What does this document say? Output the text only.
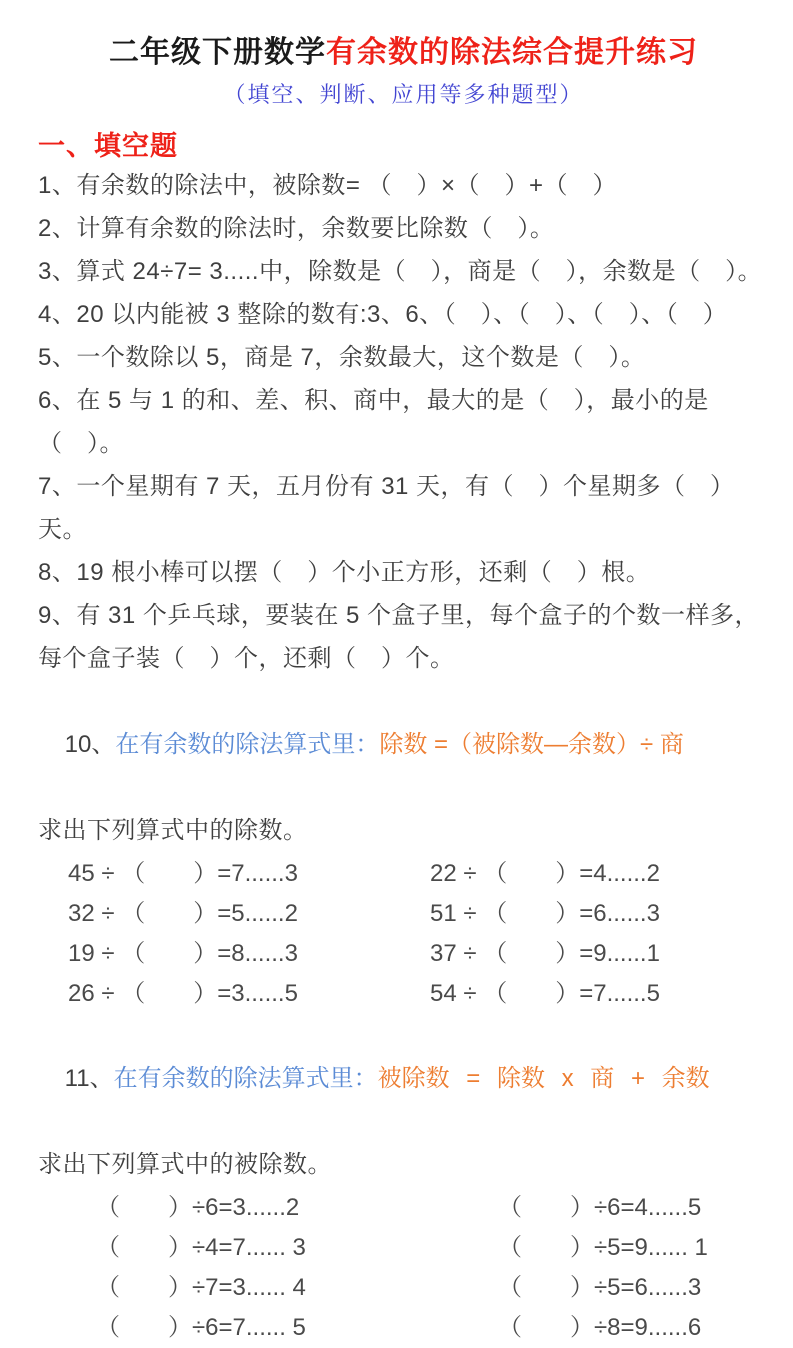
二年级下册数学有余数的除法综合提升练习
（填空、判断、应用等多种题型）
一、填空题
1、有余数的除法中，被除数= （　）×（　）+（　）
2、计算有余数的除法时，余数要比除数（　）。
3、算式 24÷7= 3.....中，除数是（　），商是（　），余数是（　）。
4、20 以内能被 3 整除的数有:3、6、（　）、（　）、（　）、（　）
5、一个数除以 5，商是 7，余数最大，这个数是（　）。
6、在 5 与 1 的和、差、积、商中，最大的是（　），最小的是（　）。
7、一个星期有 7 天，五月份有 31 天，有（　）个星期多（　）天。
8、19 根小棒可以摆（　）个小正方形，还剩（　）根。
9、有 31 个乒乓球，要装在 5 个盒子里，每个盒子的个数一样多，每个盒子装（　）个，还剩（　）个。

10、在有余数的除法算式里：除数 =（被除数—余数）÷ 商

求出下列算式中的除数。
45 ÷ （　　）=7......3	22 ÷ （　　）=4......2
32 ÷ （　　）=5......2	51 ÷ （　　）=6......3
19 ÷ （　　）=8......3	37 ÷ （　　）=9......1
26 ÷ （　　）=3......5	54 ÷ （　　）=7......5

11、在有余数的除法算式里：被除数 = 除数 x 商 + 余数

求出下列算式中的被除数。
（　　）÷6=3......2	（　　）÷6=4......5
（　　）÷4=7...... 3	（　　）÷5=9...... 1
（　　）÷7=3...... 4	（　　）÷5=6......3
（　　）÷6=7...... 5	（　　）÷8=9......6
